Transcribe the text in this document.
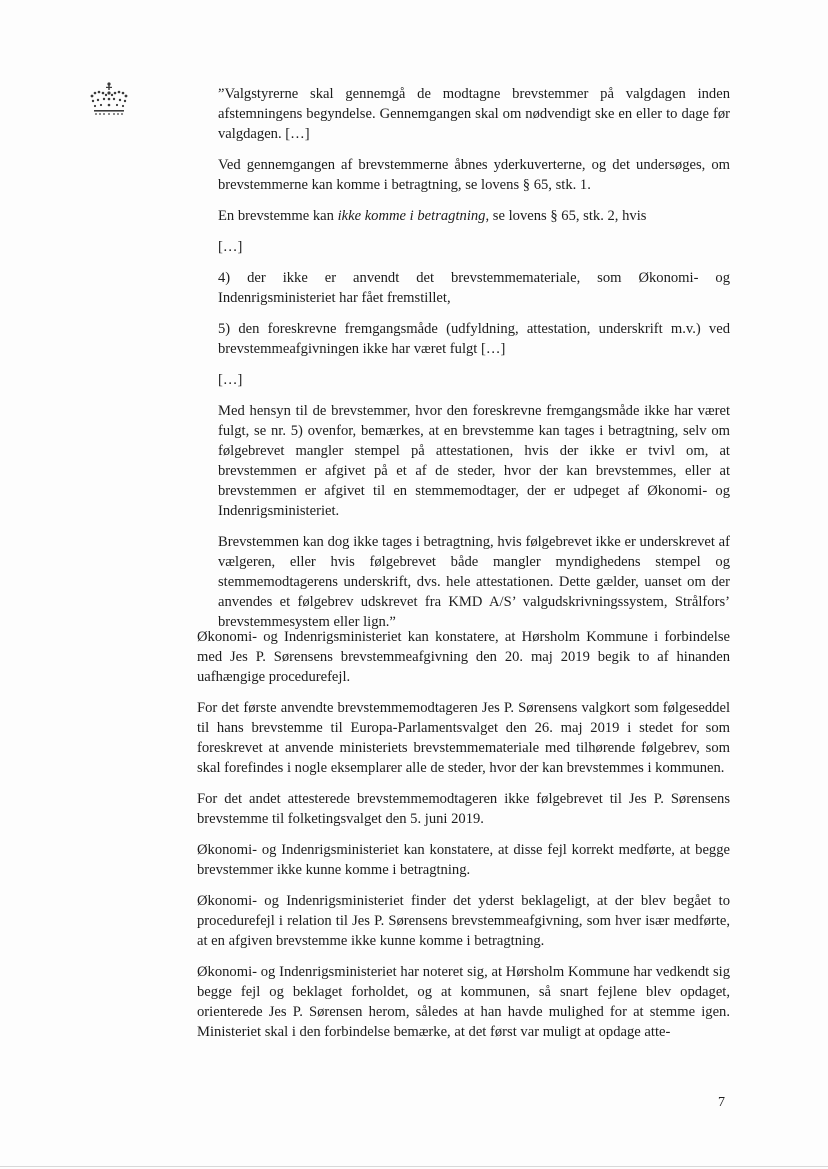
”Valgstyrerne skal gennemgå de modtagne brevstemmer på valgdagen inden afstemningens begyndelse. Gennemgangen skal om nødvendigt ske en eller to dage før valgdagen. […]

Ved gennemgangen af brevstemmerne åbnes yderkuverterne, og det undersøges, om brevstemmerne kan komme i betragtning, se lovens § 65, stk. 1.

En brevstemme kan ikke komme i betragtning, se lovens § 65, stk. 2, hvis

[…]

4) der ikke er anvendt det brevstemmemateriale, som Økonomi- og Indenrigsministeriet har fået fremstillet,

5) den foreskrevne fremgangsmåde (udfyldning, attestation, underskrift m.v.) ved brevstemmeafgivningen ikke har været fulgt […]

[…]

Med hensyn til de brevstemmer, hvor den foreskrevne fremgangsmåde ikke har været fulgt, se nr. 5) ovenfor, bemærkes, at en brevstemme kan tages i betragtning, selv om følgebrevet mangler stempel på attestationen, hvis der ikke er tvivl om, at brevstemmen er afgivet på et af de steder, hvor der kan brevstemmes, eller at brevstemmen er afgivet til en stemmemodtager, der er udpeget af Økonomi- og Indenrigsministeriet.

Brevstemmen kan dog ikke tages i betragtning, hvis følgebrevet ikke er underskrevet af vælgeren, eller hvis følgebrevet både mangler myndighedens stempel og stemmemodtagerens underskrift, dvs. hele attestationen. Dette gælder, uanset om der anvendes et følgebrev udskrevet fra KMD A/S’ valgudskrivningssystem, Strålfors’ brevstemmesystem eller lign.”

Økonomi- og Indenrigsministeriet kan konstatere, at Hørsholm Kommune i forbindelse med Jes P. Sørensens brevstemmeafgivning den 20. maj 2019 begik to af hinanden uafhængige procedurefejl.

For det første anvendte brevstemmemodtageren Jes P. Sørensens valgkort som følgeseddel til hans brevstemme til Europa-Parlamentsvalget den 26. maj 2019 i stedet for som foreskrevet at anvende ministeriets brevstemmemateriale med tilhørende følgebrev, som skal forefindes i nogle eksemplarer alle de steder, hvor der kan brevstemmes i kommunen.

For det andet attesterede brevstemmemodtageren ikke følgebrevet til Jes P. Sørensens brevstemme til folketingsvalget den 5. juni 2019.

Økonomi- og Indenrigsministeriet kan konstatere, at disse fejl korrekt medførte, at begge brevstemmer ikke kunne komme i betragtning.

Økonomi- og Indenrigsministeriet finder det yderst beklageligt, at der blev begået to procedurefejl i relation til Jes P. Sørensens brevstemmeafgivning, som hver især medførte, at en afgiven brevstemme ikke kunne komme i betragtning.

Økonomi- og Indenrigsministeriet har noteret sig, at Hørsholm Kommune har vedkendt sig begge fejl og beklaget forholdet, og at kommunen, så snart fejlene blev opdaget, orienterede Jes P. Sørensen herom, således at han havde mulighed for at stemme igen. Ministeriet skal i den forbindelse bemærke, at det først var muligt at opdage atte-

7
